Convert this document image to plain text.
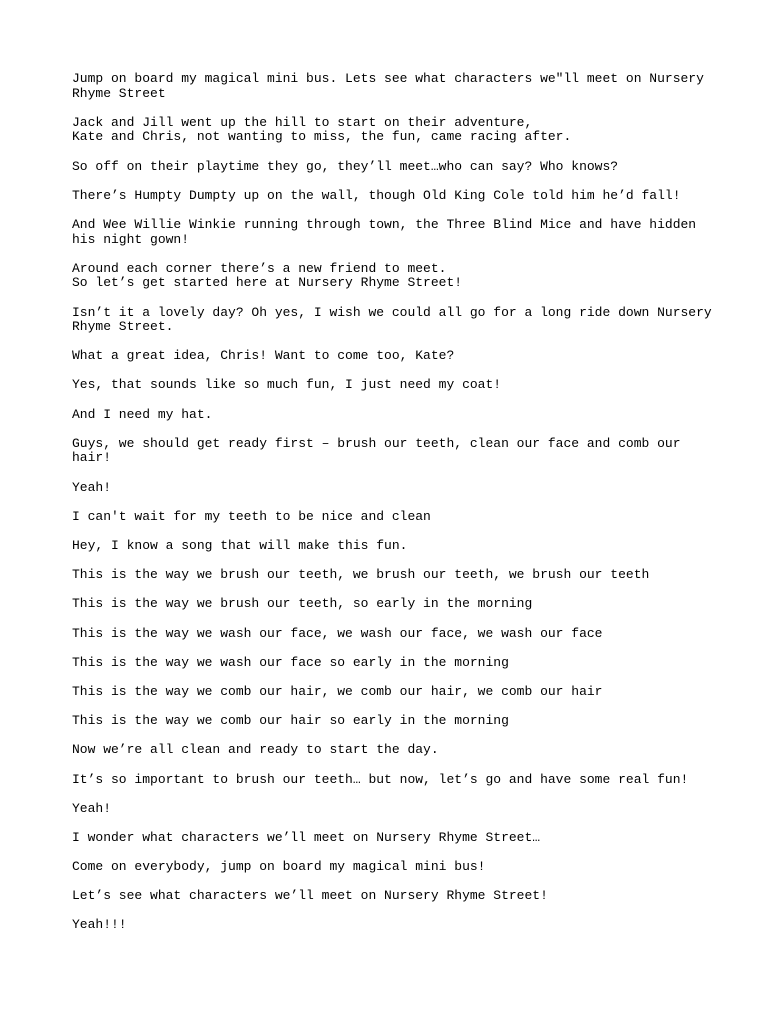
Jump on board my magical mini bus. Lets see what characters we"ll meet on Nursery
Rhyme Street

Jack and Jill went up the hill to start on their adventure,
Kate and Chris, not wanting to miss, the fun, came racing after.

So off on their playtime they go, they’ll meet…who can say? Who knows?

There’s Humpty Dumpty up on the wall, though Old King Cole told him he’d fall!

And Wee Willie Winkie running through town, the Three Blind Mice and have hidden
his night gown!

Around each corner there’s a new friend to meet.
So let’s get started here at Nursery Rhyme Street!

Isn’t it a lovely day? Oh yes, I wish we could all go for a long ride down Nursery
Rhyme Street.

What a great idea, Chris! Want to come too, Kate?

Yes, that sounds like so much fun, I just need my coat!

And I need my hat.

Guys, we should get ready first – brush our teeth, clean our face and comb our
hair!

Yeah!

I can't wait for my teeth to be nice and clean

Hey, I know a song that will make this fun.

This is the way we brush our teeth, we brush our teeth, we brush our teeth

This is the way we brush our teeth, so early in the morning

This is the way we wash our face, we wash our face, we wash our face

This is the way we wash our face so early in the morning

This is the way we comb our hair, we comb our hair, we comb our hair

This is the way we comb our hair so early in the morning

Now we’re all clean and ready to start the day.

It’s so important to brush our teeth… but now, let’s go and have some real fun!

Yeah!

I wonder what characters we’ll meet on Nursery Rhyme Street…

Come on everybody, jump on board my magical mini bus!

Let’s see what characters we’ll meet on Nursery Rhyme Street!

Yeah!!!
